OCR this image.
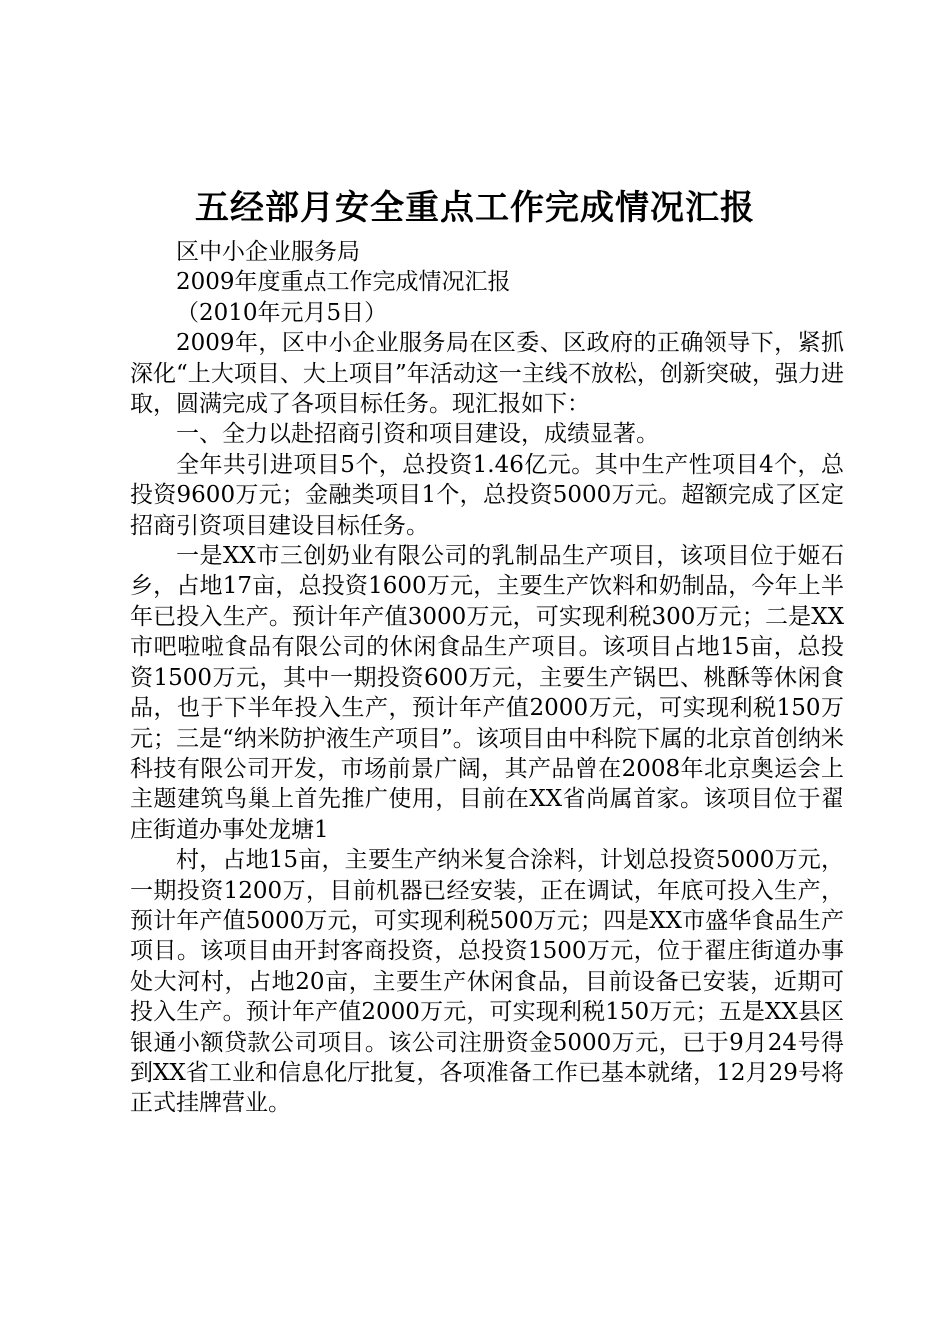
五经部月安全重点工作完成情况汇报

区中小企业服务局

2009年度重点工作完成情况汇报

（2010年元月5日）

2009年，区中小企业服务局在区委、区政府的正确领导下，紧抓深化“上大项目、大上项目”年活动这一主线不放松，创新突破，强力进取，圆满完成了各项目标任务。现汇报如下：

一、全力以赴招商引资和项目建设，成绩显著。

全年共引进项目5个，总投资1.46亿元。其中生产性项目4个，总投资9600万元；金融类项目1个，总投资5000万元。超额完成了区定招商引资项目建设目标任务。

一是XX市三创奶业有限公司的乳制品生产项目，该项目位于姬石乡，占地17亩，总投资1600万元，主要生产饮料和奶制品，今年上半年已投入生产。预计年产值3000万元，可实现利税300万元；二是XX市吧啦啦食品有限公司的休闲食品生产项目。该项目占地15亩，总投资1500万元，其中一期投资600万元，主要生产锅巴、桃酥等休闲食品，也于下半年投入生产，预计年产值2000万元，可实现利税150万元；三是“纳米防护液生产项目”。该项目由中科院下属的北京首创纳米科技有限公司开发，市场前景广阔，其产品曾在2008年北京奥运会上主题建筑鸟巢上首先推广使用，目前在XX省尚属首家。该项目位于翟庄街道办事处龙塘1

村，占地15亩，主要生产纳米复合涂料，计划总投资5000万元，一期投资1200万，目前机器已经安装，正在调试，年底可投入生产，预计年产值5000万元，可实现利税500万元；四是XX市盛华食品生产项目。该项目由开封客商投资，总投资1500万元，位于翟庄街道办事处大河村，占地20亩，主要生产休闲食品，目前设备已安装，近期可投入生产。预计年产值2000万元，可实现利税150万元；五是XX县区银通小额贷款公司项目。该公司注册资金5000万元，已于9月24号得到XX省工业和信息化厅批复，各项准备工作已基本就绪，12月29号将正式挂牌营业。
